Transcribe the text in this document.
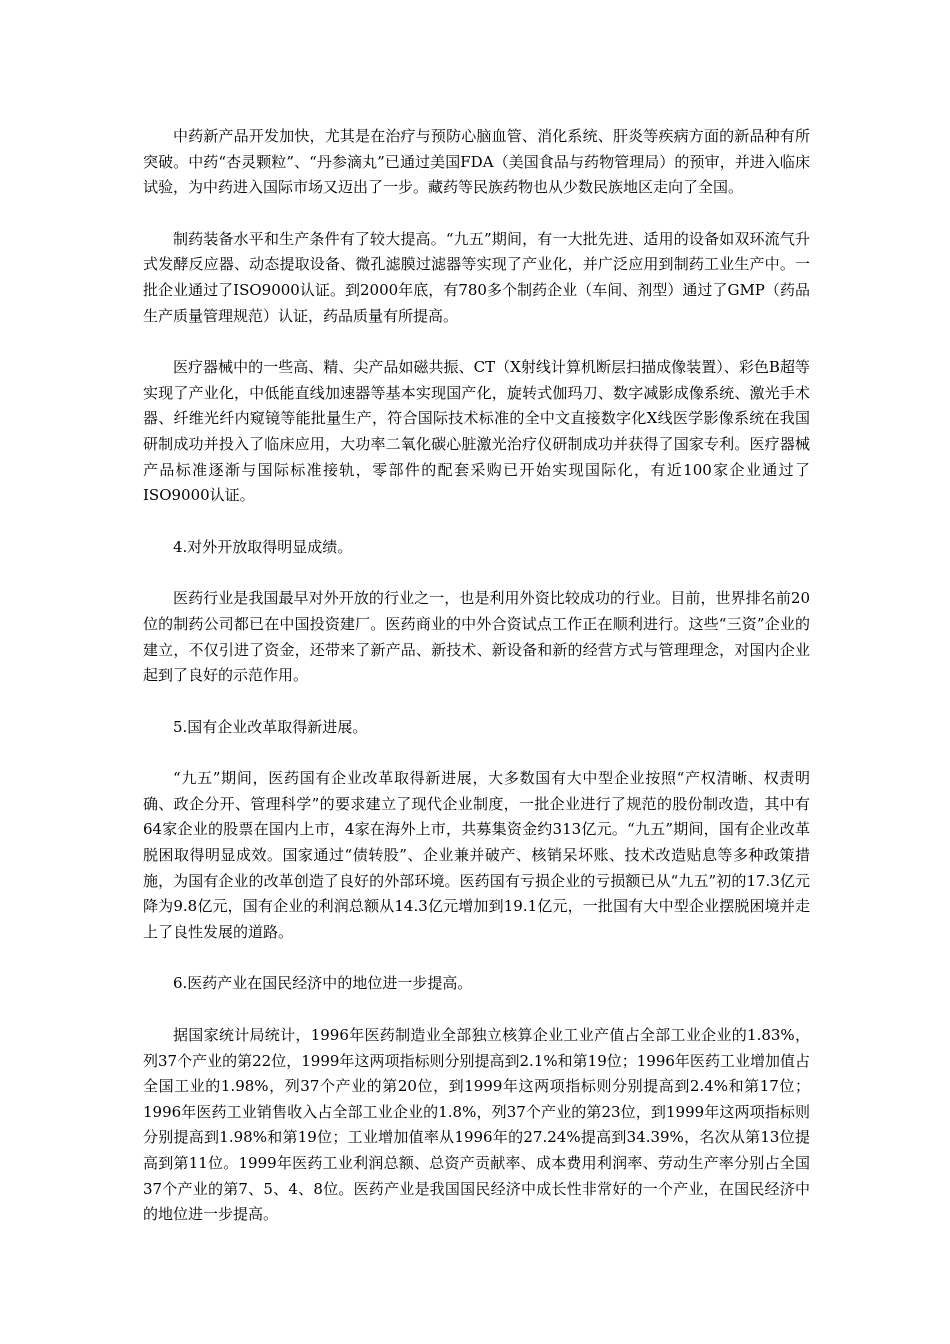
中药新产品开发加快，尤其是在治疗与预防心脑血管、消化系统、肝炎等疾病方面的新品种有所突破。中药“杏灵颗粒”、“丹参滴丸”已通过美国FDA（美国食品与药物管理局）的预审，并进入临床试验，为中药进入国际市场又迈出了一步。藏药等民族药物也从少数民族地区走向了全国。

制药装备水平和生产条件有了较大提高。“九五”期间，有一大批先进、适用的设备如双环流气升式发酵反应器、动态提取设备、微孔滤膜过滤器等实现了产业化，并广泛应用到制药工业生产中。一批企业通过了ISO9000认证。到2000年底，有780多个制药企业（车间、剂型）通过了GMP（药品生产质量管理规范）认证，药品质量有所提高。

医疗器械中的一些高、精、尖产品如磁共振、CT（X射线计算机断层扫描成像装置）、彩色B超等实现了产业化，中低能直线加速器等基本实现国产化，旋转式伽玛刀、数字减影成像系统、激光手术器、纤维光纤内窥镜等能批量生产，符合国际技术标准的全中文直接数字化X线医学影像系统在我国研制成功并投入了临床应用，大功率二氧化碳心脏激光治疗仪研制成功并获得了国家专利。医疗器械产品标准逐渐与国际标准接轨，零部件的配套采购已开始实现国际化，有近100家企业通过了ISO9000认证。

4.对外开放取得明显成绩。

医药行业是我国最早对外开放的行业之一，也是利用外资比较成功的行业。目前，世界排名前20位的制药公司都已在中国投资建厂。医药商业的中外合资试点工作正在顺利进行。这些“三资”企业的建立，不仅引进了资金，还带来了新产品、新技术、新设备和新的经营方式与管理理念，对国内企业起到了良好的示范作用。

5.国有企业改革取得新进展。

“九五”期间，医药国有企业改革取得新进展，大多数国有大中型企业按照“产权清晰、权责明确、政企分开、管理科学”的要求建立了现代企业制度，一批企业进行了规范的股份制改造，其中有64家企业的股票在国内上市，4家在海外上市，共募集资金约313亿元。“九五”期间，国有企业改革脱困取得明显成效。国家通过“债转股”、企业兼并破产、核销呆坏账、技术改造贴息等多种政策措施，为国有企业的改革创造了良好的外部环境。医药国有亏损企业的亏损额已从“九五”初的17.3亿元降为9.8亿元，国有企业的利润总额从14.3亿元增加到19.1亿元，一批国有大中型企业摆脱困境并走上了良性发展的道路。

6.医药产业在国民经济中的地位进一步提高。

据国家统计局统计，1996年医药制造业全部独立核算企业工业产值占全部工业企业的1.83%，列37个产业的第22位，1999年这两项指标则分别提高到2.1%和第19位；1996年医药工业增加值占全国工业的1.98%，列37个产业的第20位，到1999年这两项指标则分别提高到2.4%和第17位；1996年医药工业销售收入占全部工业企业的1.8%，列37个产业的第23位，到1999年这两项指标则分别提高到1.98%和第19位；工业增加值率从1996年的27.24%提高到34.39%，名次从第13位提高到第11位。1999年医药工业利润总额、总资产贡献率、成本费用利润率、劳动生产率分别占全国37个产业的第7、5、4、8位。医药产业是我国国民经济中成长性非常好的一个产业，在国民经济中的地位进一步提高。
